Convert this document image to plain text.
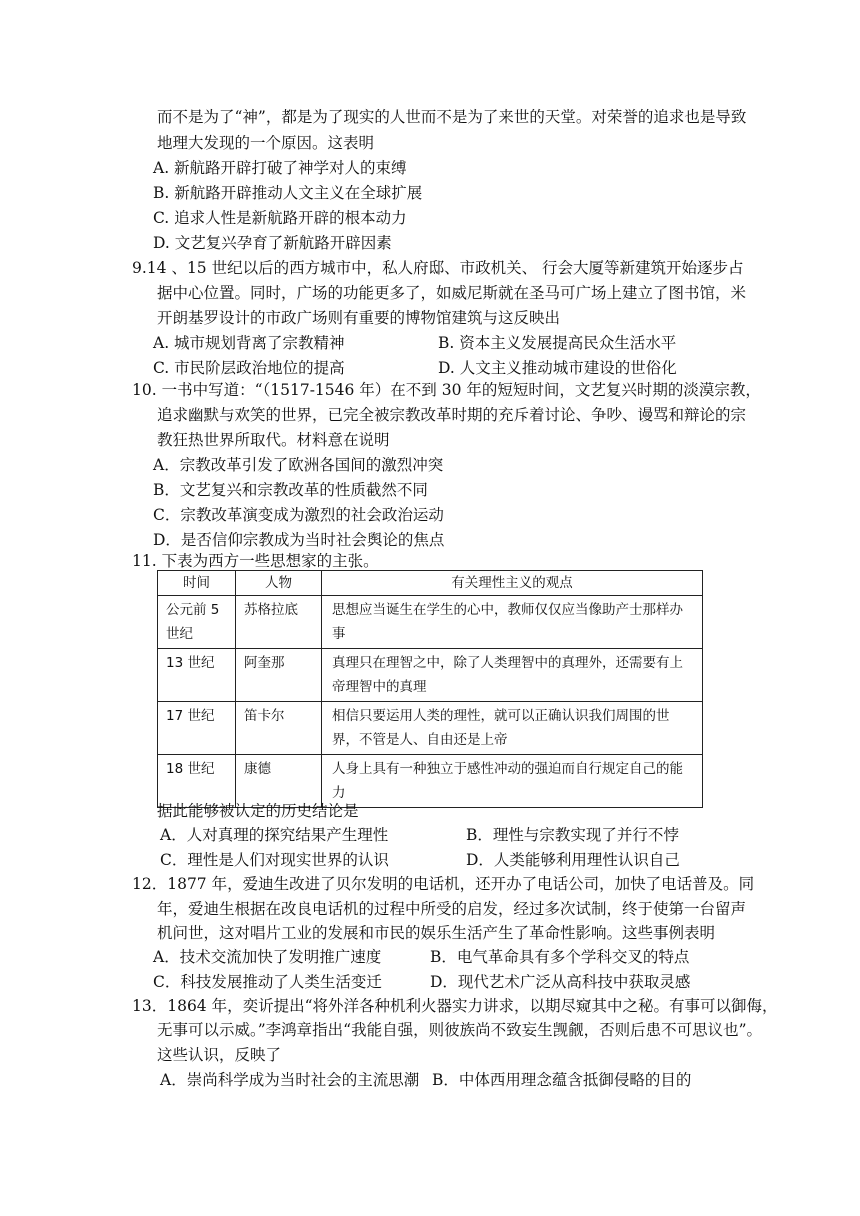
而不是为了“神”，都是为了现实的人世而不是为了来世的天堂。对荣誉的追求也是导致
地理大发现的一个原因。这表明
A. 新航路开辟打破了神学对人的束缚
B. 新航路开辟推动人文主义在全球扩展
C. 追求人性是新航路开辟的根本动力
D. 文艺复兴孕育了新航路开辟因素
9.14 、15 世纪以后的西方城市中，私人府邸、市政机关、 行会大厦等新建筑开始逐步占
据中心位置。同时，广场的功能更多了，如威尼斯就在圣马可广场上建立了图书馆，米
开朗基罗设计的市政广场则有重要的博物馆建筑与这反映出
A. 城市规划背离了宗教精神	B. 资本主义发展提高民众生活水平
C. 市民阶层政治地位的提高	D. 人文主义推动城市建设的世俗化
10. 一书中写道：“（1517-1546 年）在不到 30 年的短短时间，文艺复兴时期的淡漠宗教，
追求幽默与欢笑的世界，已完全被宗教改革时期的充斥着讨论、争吵、谩骂和辩论的宗
教狂热世界所取代。材料意在说明
A．宗教改革引发了欧洲各国间的激烈冲突
B．文艺复兴和宗教改革的性质截然不同
C．宗教改革演变成为激烈的社会政治运动
D．是否信仰宗教成为当时社会舆论的焦点
11. 下表为西方一些思想家的主张。
时间	人物	有关理性主义的观点
公元前 5 世纪	苏格拉底	思想应当诞生在学生的心中，教师仅仅应当像助产士那样办事
13 世纪	阿奎那	真理只在理智之中，除了人类理智中的真理外，还需要有上帝理智中的真理
17 世纪	笛卡尔	相信只要运用人类的理性，就可以正确认识我们周围的世界，不管是人、自由还是上帝
18 世纪	康德	人身上具有一种独立于感性冲动的强迫而自行规定自己的能力
据此能够被认定的历史结论是
A．人对真理的探究结果产生理性	B．理性与宗教实现了并行不悖
C．理性是人们对现实世界的认识	D．人类能够利用理性认识自己
12．1877 年，爱迪生改进了贝尔发明的电话机，还开办了电话公司，加快了电话普及。同
年，爱迪生根据在改良电话机的过程中所受的启发，经过多次试制，终于使第一台留声
机问世，这对唱片工业的发展和市民的娱乐生活产生了革命性影响。这些事例表明
A．技术交流加快了发明推广速度	B．电气革命具有多个学科交叉的特点
C．科技发展推动了人类生活变迁	D．现代艺术广泛从高科技中获取灵感
13．1864 年，奕䜣提出“将外洋各种机利火器实力讲求，以期尽窥其中之秘。有事可以御侮，
无事可以示威。”李鸿章指出“我能自强，则彼族尚不致妄生觊觎，否则后患不可思议也”。
这些认识，反映了
A．崇尚科学成为当时社会的主流思潮 B．中体西用理念蕴含抵御侵略的目的
